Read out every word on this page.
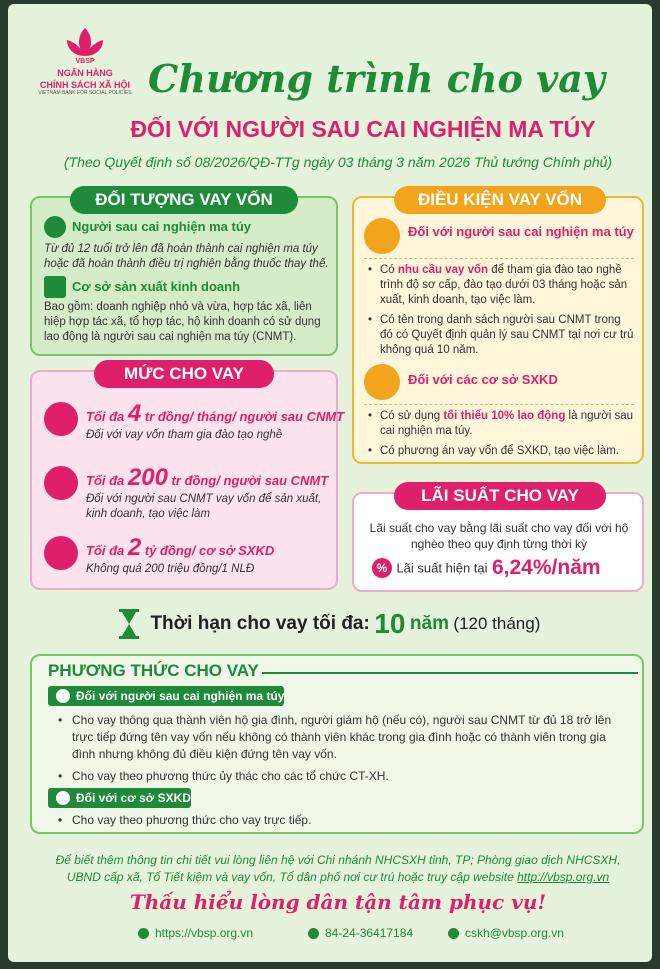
VBSP
NGÂN HÀNG
CHÍNH SÁCH XÃ HỘI
VIETNAM BANK FOR SOCIAL POLICIES Chương trình cho vay
ĐỐI VỚI NGƯỜI SAU CAI NGHIỆN MA TÚY
(Theo Quyết định số 08/2026/QĐ-TTg ngày 03 tháng 3 năm 2026 Thủ tướng Chính phủ)
ĐỐI TƯỢNG VAY VỐN
Người sau cai nghiện ma túy
Từ đủ 12 tuổi trở lên đã hoàn thành cai nghiện ma túy hoặc đã hoàn thành điều trị nghiện bằng thuốc thay thế.
Cơ sở sản xuất kinh doanh
Bao gồm: doanh nghiệp nhỏ và vừa, hợp tác xã, liên hiệp hợp tác xã, tổ hợp tác, hộ kinh doanh có sử dụng lao động là người sau cai nghiện ma túy (CNMT).
ĐIỀU KIỆN VAY VỐN
Đối với người sau cai nghiện ma túy
• Có nhu cầu vay vốn để tham gia đào tạo nghề trình độ sơ cấp, đào tạo dưới 03 tháng hoặc sản xuất, kinh doanh, tạo việc làm.
• Có tên trong danh sách người sau CNMT trong đó có Quyết định quản lý sau CNMT tại nơi cư trú không quá 10 năm.
Đối với các cơ sở SXKD
• Có sử dụng tối thiểu 10% lao động là người sau cai nghiện ma túy.
• Có phương án vay vốn để SXKD, tạo việc làm.
MỨC CHO VAY
Tối đa 4 tr đồng/ tháng/ người sau CNMT
Đối với vay vốn tham gia đào tạo nghề
Tối đa 200 tr đồng/ người sau CNMT
Đối với người sau CNMT vay vốn để sản xuất, kinh doanh, tạo việc làm
Tối đa 2 tỷ đồng/ cơ sở SXKD
Không quá 200 triệu đồng/1 NLĐ
LÃI SUẤT CHO VAY
Lãi suất cho vay bằng lãi suất cho vay đối với hộ nghèo theo quy định từng thời kỳ
% Lãi suất hiện tại 6,24%/năm
Thời hạn cho vay tối đa: 10 năm (120 tháng)
PHƯƠNG THỨC CHO VAY
Đối với người sau cai nghiện ma túy
• Cho vay thông qua thành viên hộ gia đình, người giám hộ (nếu có), người sau CNMT từ đủ 18 trở lên trực tiếp đứng tên vay vốn nếu không có thành viên khác trong gia đình hoặc có thành viên trong gia đình nhưng không đủ điều kiện đứng tên vay vốn.
• Cho vay theo phương thức ủy thác cho các tổ chức CT-XH.
Đối với cơ sở SXKD
• Cho vay theo phương thức cho vay trực tiếp.
Để biết thêm thông tin chi tiết vui lòng liên hệ với Chi nhánh NHCSXH tỉnh, TP; Phòng giao dịch NHCSXH, UBND cấp xã, Tổ Tiết kiệm và vay vốn, Tổ dân phố nơi cư trú hoặc truy cập website http://vbsp.org.vn
Thấu hiểu lòng dân tận tâm phục vụ!
https://vbsp.org.vn	84-24-36417184	cskh@vbsp.org.vn
